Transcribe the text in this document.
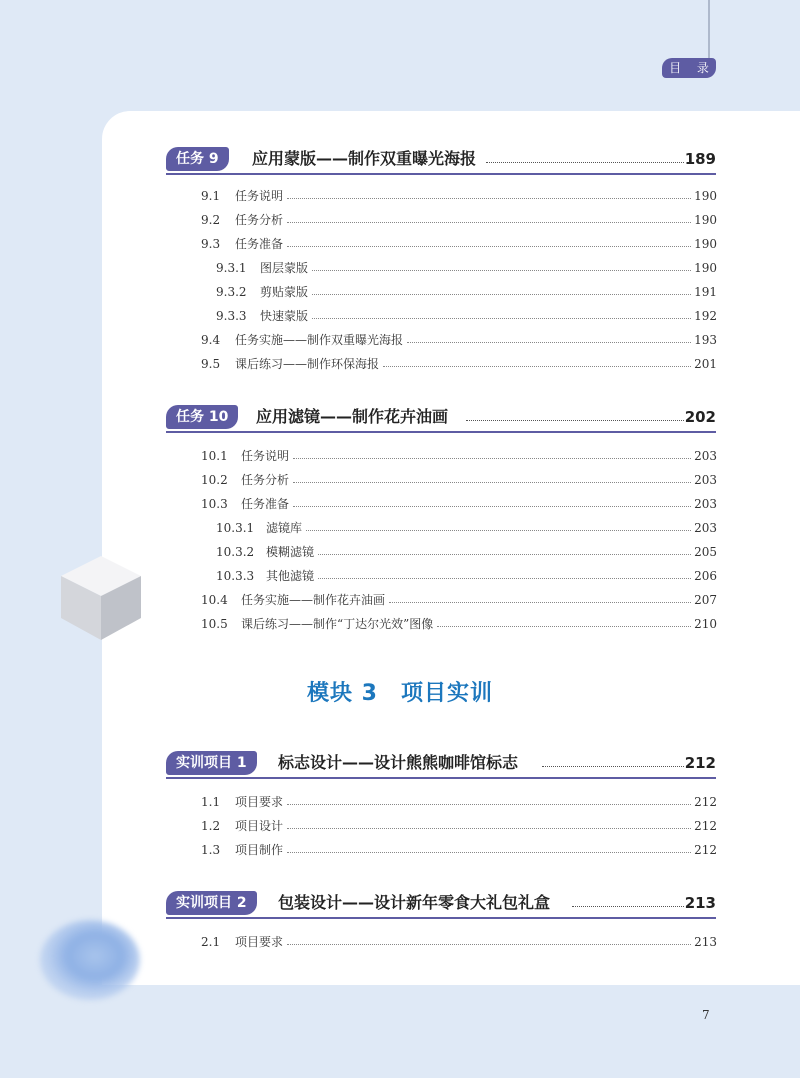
目 录
任务 9	应用蒙版——制作双重曝光海报	189
9.1	任务说明	190
9.2	任务分析	190
9.3	任务准备	190
9.3.1	图层蒙版	190
9.3.2	剪贴蒙版	191
9.3.3	快速蒙版	192
9.4	任务实施——制作双重曝光海报	193
9.5	课后练习——制作环保海报	201
任务 10	应用滤镜——制作花卉油画	202
10.1	任务说明	203
10.2	任务分析	203
10.3	任务准备	203
10.3.1 滤镜库	203
10.3.2 模糊滤镜	205
10.3.3 其他滤镜	206
10.4	任务实施——制作花卉油画	207
10.5	课后练习——制作“丁达尔光效”图像	210
模块 3　项目实训
实训项目 1	标志设计——设计熊熊咖啡馆标志	212
1.1	项目要求	212
1.2	项目设计	212
1.3	项目制作	212
实训项目 2	包装设计——设计新年零食大礼包礼盒	213
2.1	项目要求	213
7
